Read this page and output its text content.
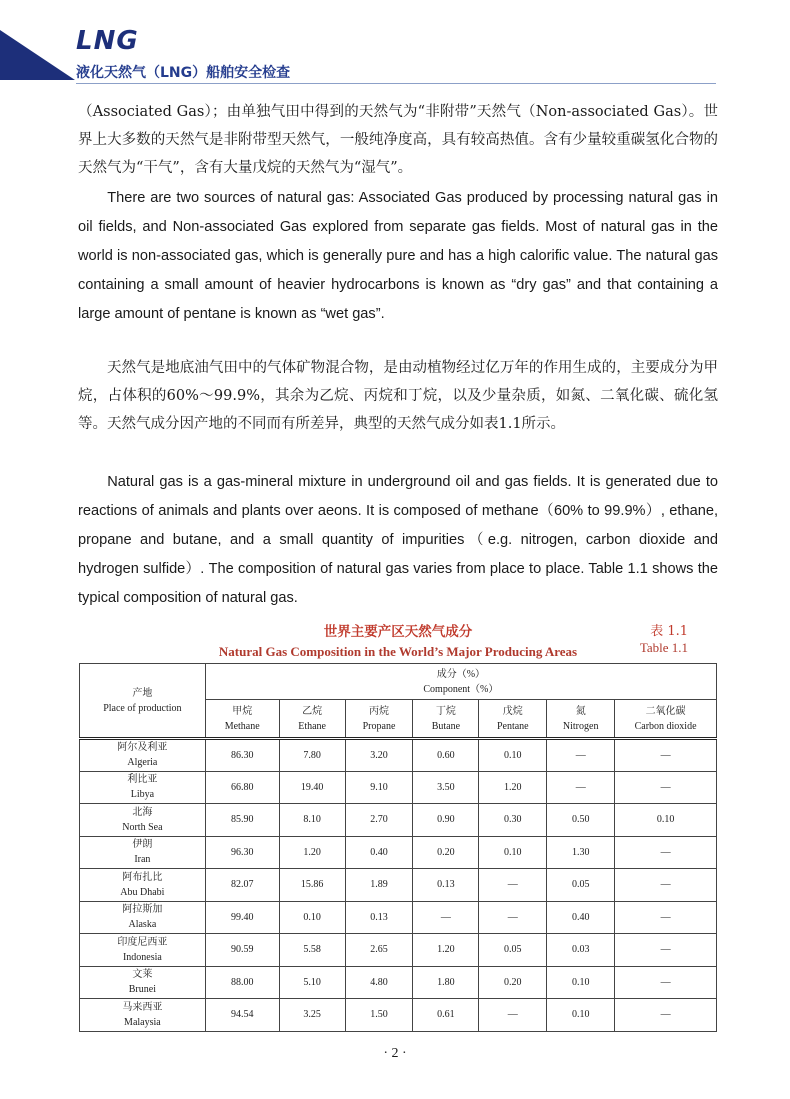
LNG
液化天然气（LNG）船舶安全检查

（Associated Gas）；由单独气田中得到的天然气为“非附带”天然气（Non-associated Gas）。世界上大多数的天然气是非附带型天然气，一般纯净度高，具有较高热值。含有少量较重碳氢化合物的天然气为“干气”，含有大量戊烷的天然气为“湿气”。

There are two sources of natural gas: Associated Gas produced by processing natural gas in oil fields, and Non-associated Gas explored from separate gas fields. Most of natural gas in the world is non-associated gas, which is generally pure and has a high calorific value. The natural gas containing a small amount of heavier hydrocarbons is known as “dry gas” and that containing a large amount of pentane is known as “wet gas”.

天然气是地底油气田中的气体矿物混合物，是由动植物经过亿万年的作用生成的，主要成分为甲烷，占体积的60%～99.9%，其余为乙烷、丙烷和丁烷，以及少量杂质，如氮、二氧化碳、硫化氢等。天然气成分因产地的不同而有所差异，典型的天然气成分如表1.1所示。

Natural gas is a gas-mineral mixture in underground oil and gas fields. It is generated due to reactions of animals and plants over aeons. It is composed of methane（60% to 99.9%）, ethane, propane and butane, and a small quantity of impurities（e.g. nitrogen, carbon dioxide and hydrogen sulfide）. The composition of natural gas varies from place to place. Table 1.1 shows the typical composition of natural gas.

世界主要产区天然气成分
Natural Gas Composition in the World’s Major Producing Areas
表 1.1
Table 1.1
产地
Place of production	成分（%）
Component（%）						

	甲烷
Methane	乙烷
Ethane	丙烷
Propane	丁烷
Butane	戊烷
Pentane	氮
Nitrogen	二氧化碳
Carbon dioxide

阿尔及利亚
Algeria	86.30	7.80	3.20	0.60	0.10	—	—

利比亚
Libya	66.80	19.40	9.10	3.50	1.20	—	—

北海
North Sea	85.90	8.10	2.70	0.90	0.30	0.50	0.10

伊朗
Iran	96.30	1.20	0.40	0.20	0.10	1.30	—

阿布扎比
Abu Dhabi	82.07	15.86	1.89	0.13	—	0.05	—

阿拉斯加
Alaska	99.40	0.10	0.13	—	—	0.40	—

印度尼西亚
Indonesia	90.59	5.58	2.65	1.20	0.05	0.03	—

文莱
Brunei	88.00	5.10	4.80	1.80	0.20	0.10	—

马来西亚
Malaysia	94.54	3.25	1.50	0.61	—	0.10	—
· 2 ·
